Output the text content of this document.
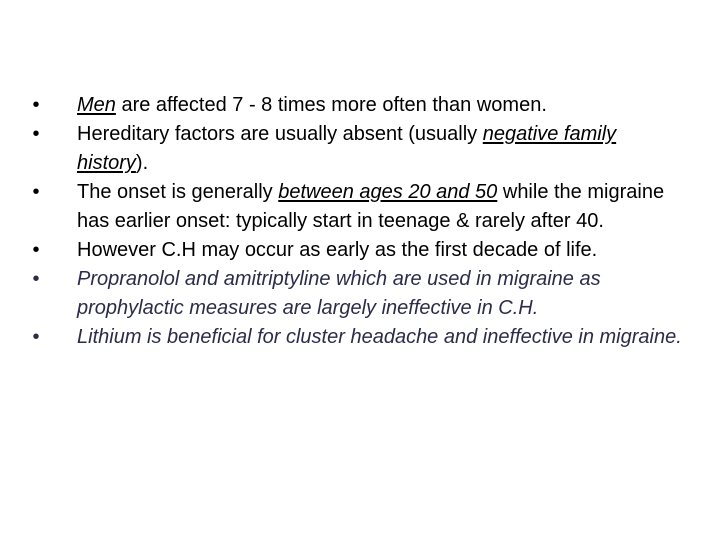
•	Men are affected 7 - 8 times more often than women.
•	Hereditary factors are usually absent (usually negative family history).
•	The onset is generally between ages 20 and 50 while the migraine has earlier onset: typically start in teenage & rarely after 40.
•	However C.H may occur as early as the first decade of life.
•	Propranolol and amitriptyline which are used in migraine as prophylactic measures are largely ineffective in C.H.
•	Lithium is beneficial for cluster headache and ineffective in migraine.
